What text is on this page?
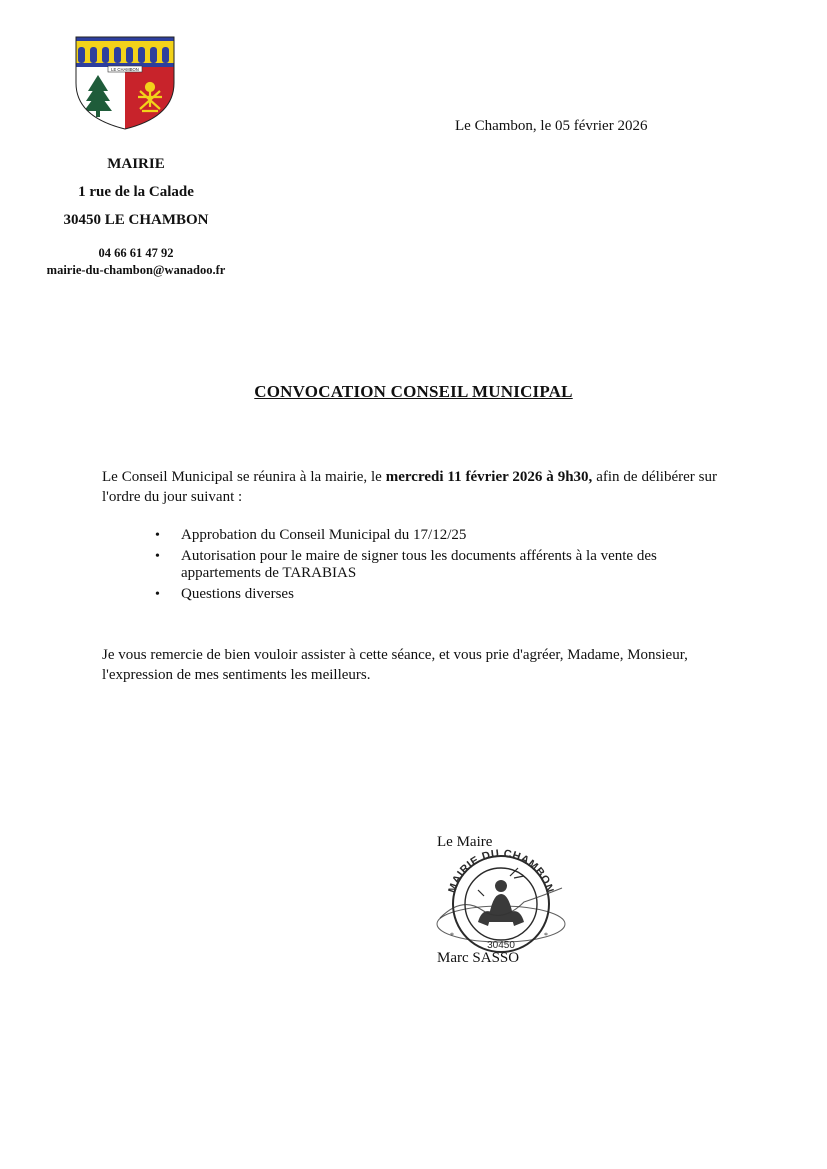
LE CHAMBON
MAIRIE
1 rue de la Calade
30450 LE CHAMBON
04 66 61 47 92
mairie-du-chambon@wanadoo.fr
Le Chambon, le 05 février 2026
CONVOCATION CONSEIL MUNICIPAL
Le Conseil Municipal se réunira à la mairie, le mercredi 11 février 2026 à 9h30, afin de délibérer sur l'ordre du jour suivant :
• Approbation du Conseil Municipal du 17/12/25
• Autorisation pour le maire de signer tous les documents afférents à la vente des appartements de TARABIAS
• Questions diverses
Je vous remercie de bien vouloir assister à cette séance, et vous prie d'agréer, Madame, Monsieur, l'expression de mes sentiments les meilleurs.
Le Maire
MAIRIE DU CHAMBON
30450
*	*
Marc SASSO
